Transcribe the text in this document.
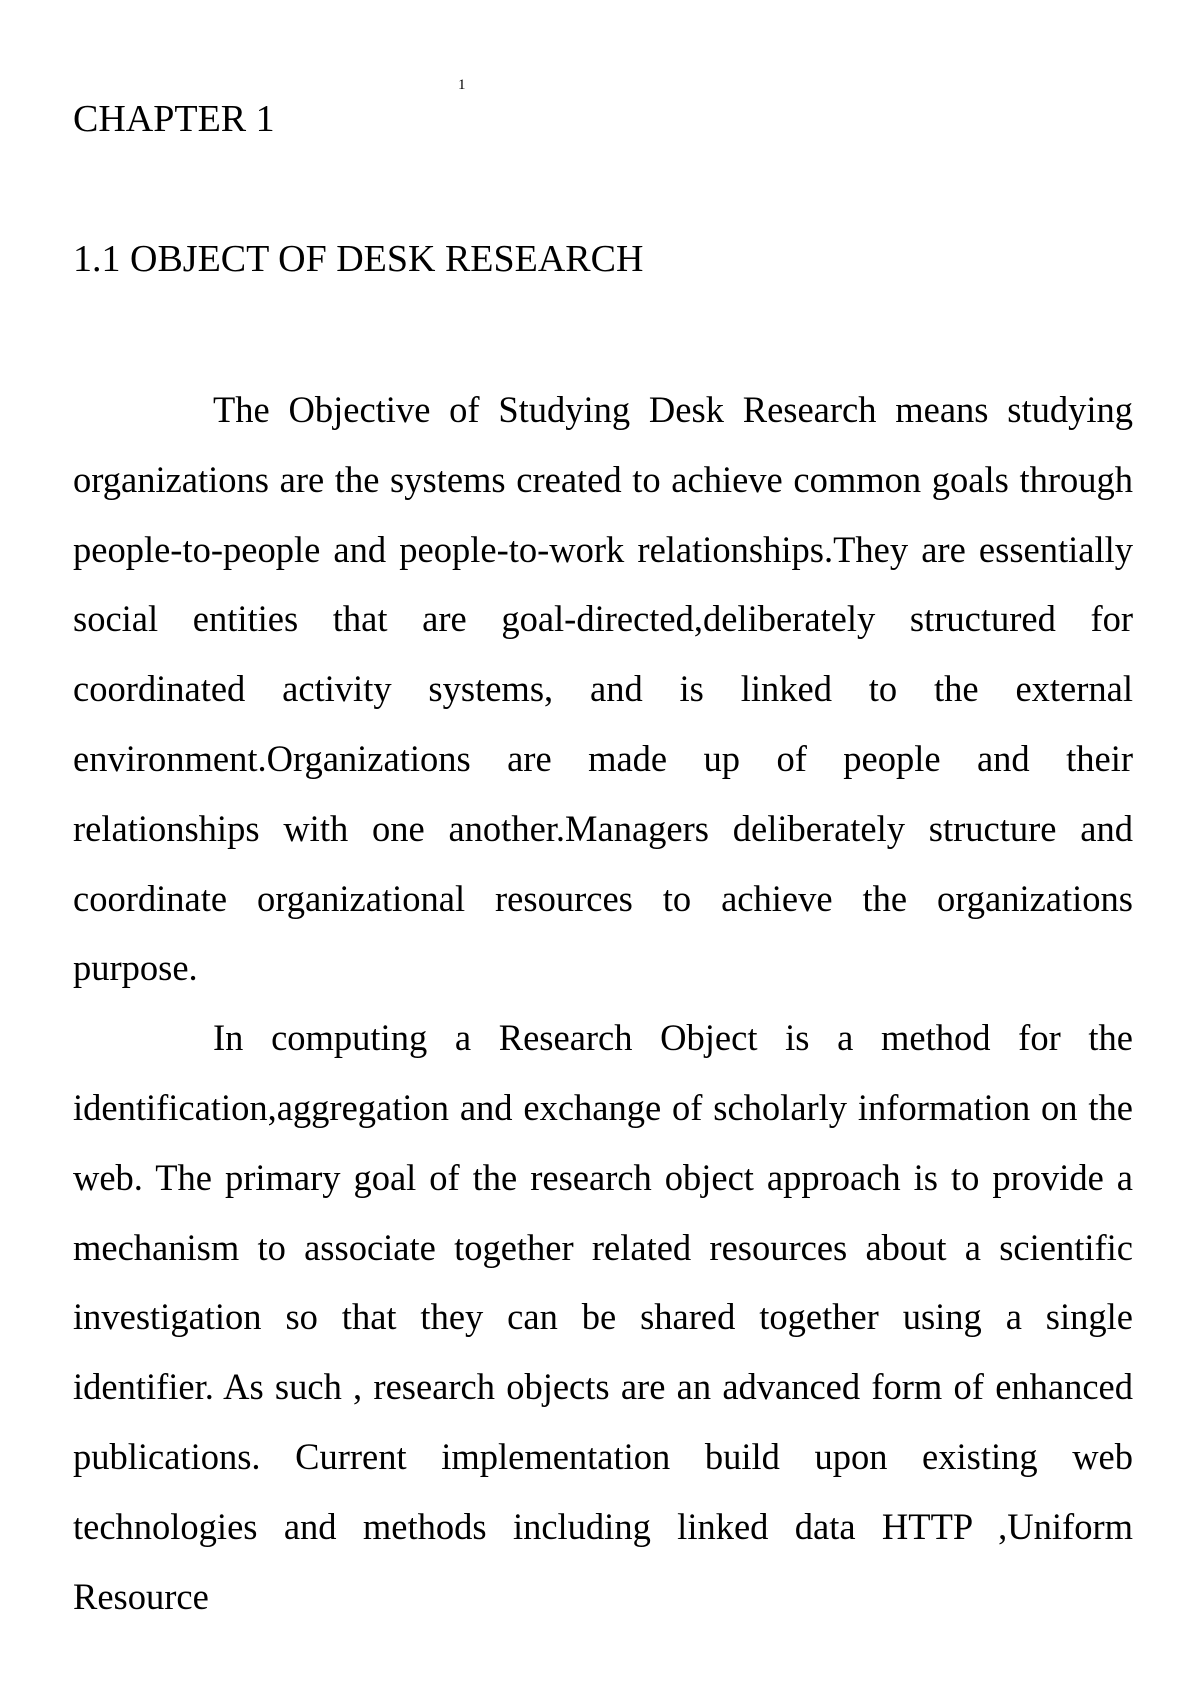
1
CHAPTER 1
1.1 OBJECT OF DESK RESEARCH

The Objective of Studying Desk Research means studying organizations are the systems created to achieve common goals through people-to-people and people-to-work relationships.They are essentially social entities that are goal-directed,deliberately structured for coordinated activity systems, and is linked to the external environment.Organizations are made up of people and their relationships with one another.Managers deliberately structure and coordinate organizational resources to achieve the organizations purpose.

In computing a Research Object is a method for the identification,aggregation and exchange of scholarly information on the web. The primary goal of the research object approach is to provide a mechanism to associate together related resources about a scientific investigation so that they can be shared together using a single identifier. As such , research objects are an advanced form of enhanced publications. Current implementation build upon existing web technologies and methods including linked data HTTP ,Uniform Resource
